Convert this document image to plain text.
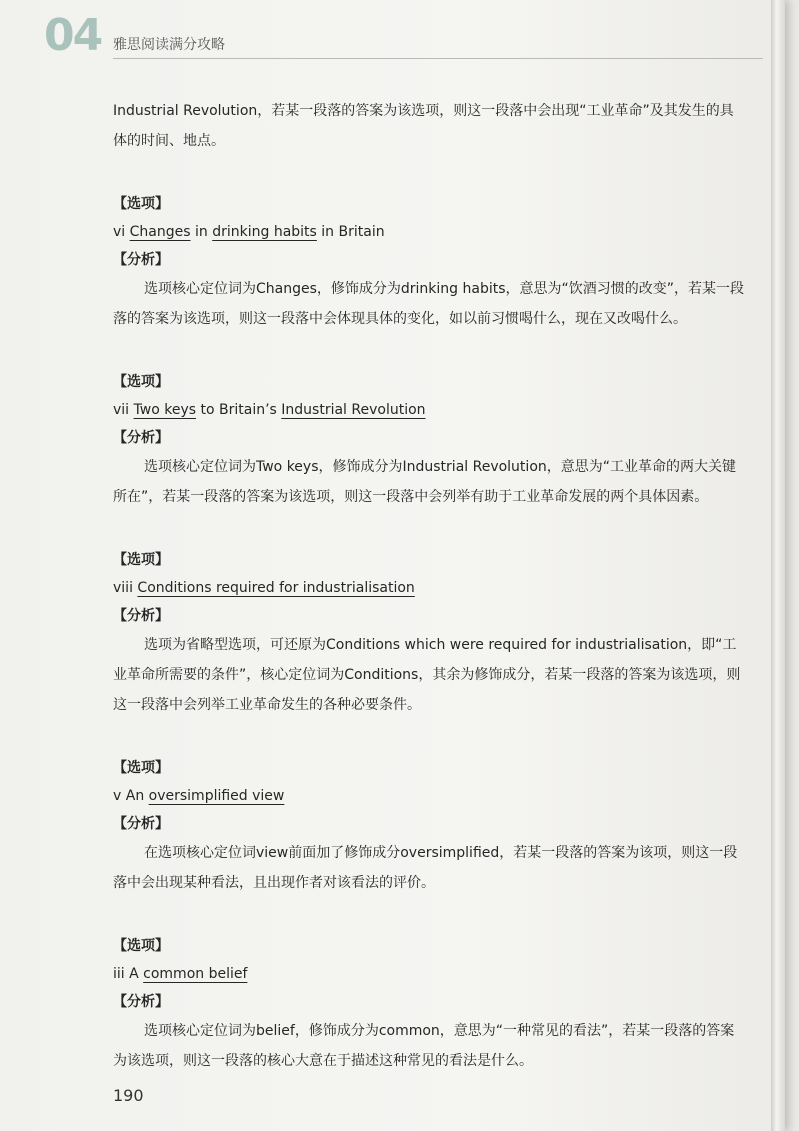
04 雅思阅读满分攻略

Industrial Revolution，若某一段落的答案为该选项，则这一段落中会出现“工业革命”及其发生的具体的时间、地点。

【选项】

vi Changes in drinking habits in Britain

【分析】

选项核心定位词为Changes，修饰成分为drinking habits，意思为“饮酒习惯的改变”，若某一段落的答案为该选项，则这一段落中会体现具体的变化，如以前习惯喝什么，现在又改喝什么。

【选项】

vii Two keys to Britain’s Industrial Revolution

【分析】

选项核心定位词为Two keys，修饰成分为Industrial Revolution，意思为“工业革命的两大关键所在”，若某一段落的答案为该选项，则这一段落中会列举有助于工业革命发展的两个具体因素。

【选项】

viii Conditions required for industrialisation

【分析】

选项为省略型选项，可还原为Conditions which were required for industrialisation，即“工业革命所需要的条件”，核心定位词为Conditions，其余为修饰成分，若某一段落的答案为该选项，则这一段落中会列举工业革命发生的各种必要条件。

【选项】

v An oversimplified view

【分析】

在选项核心定位词view前面加了修饰成分oversimplified，若某一段落的答案为该项，则这一段落中会出现某种看法，且出现作者对该看法的评价。

【选项】

iii A common belief

【分析】

选项核心定位词为belief，修饰成分为common，意思为“一种常见的看法”，若某一段落的答案为该选项，则这一段落的核心大意在于描述这种常见的看法是什么。

190
